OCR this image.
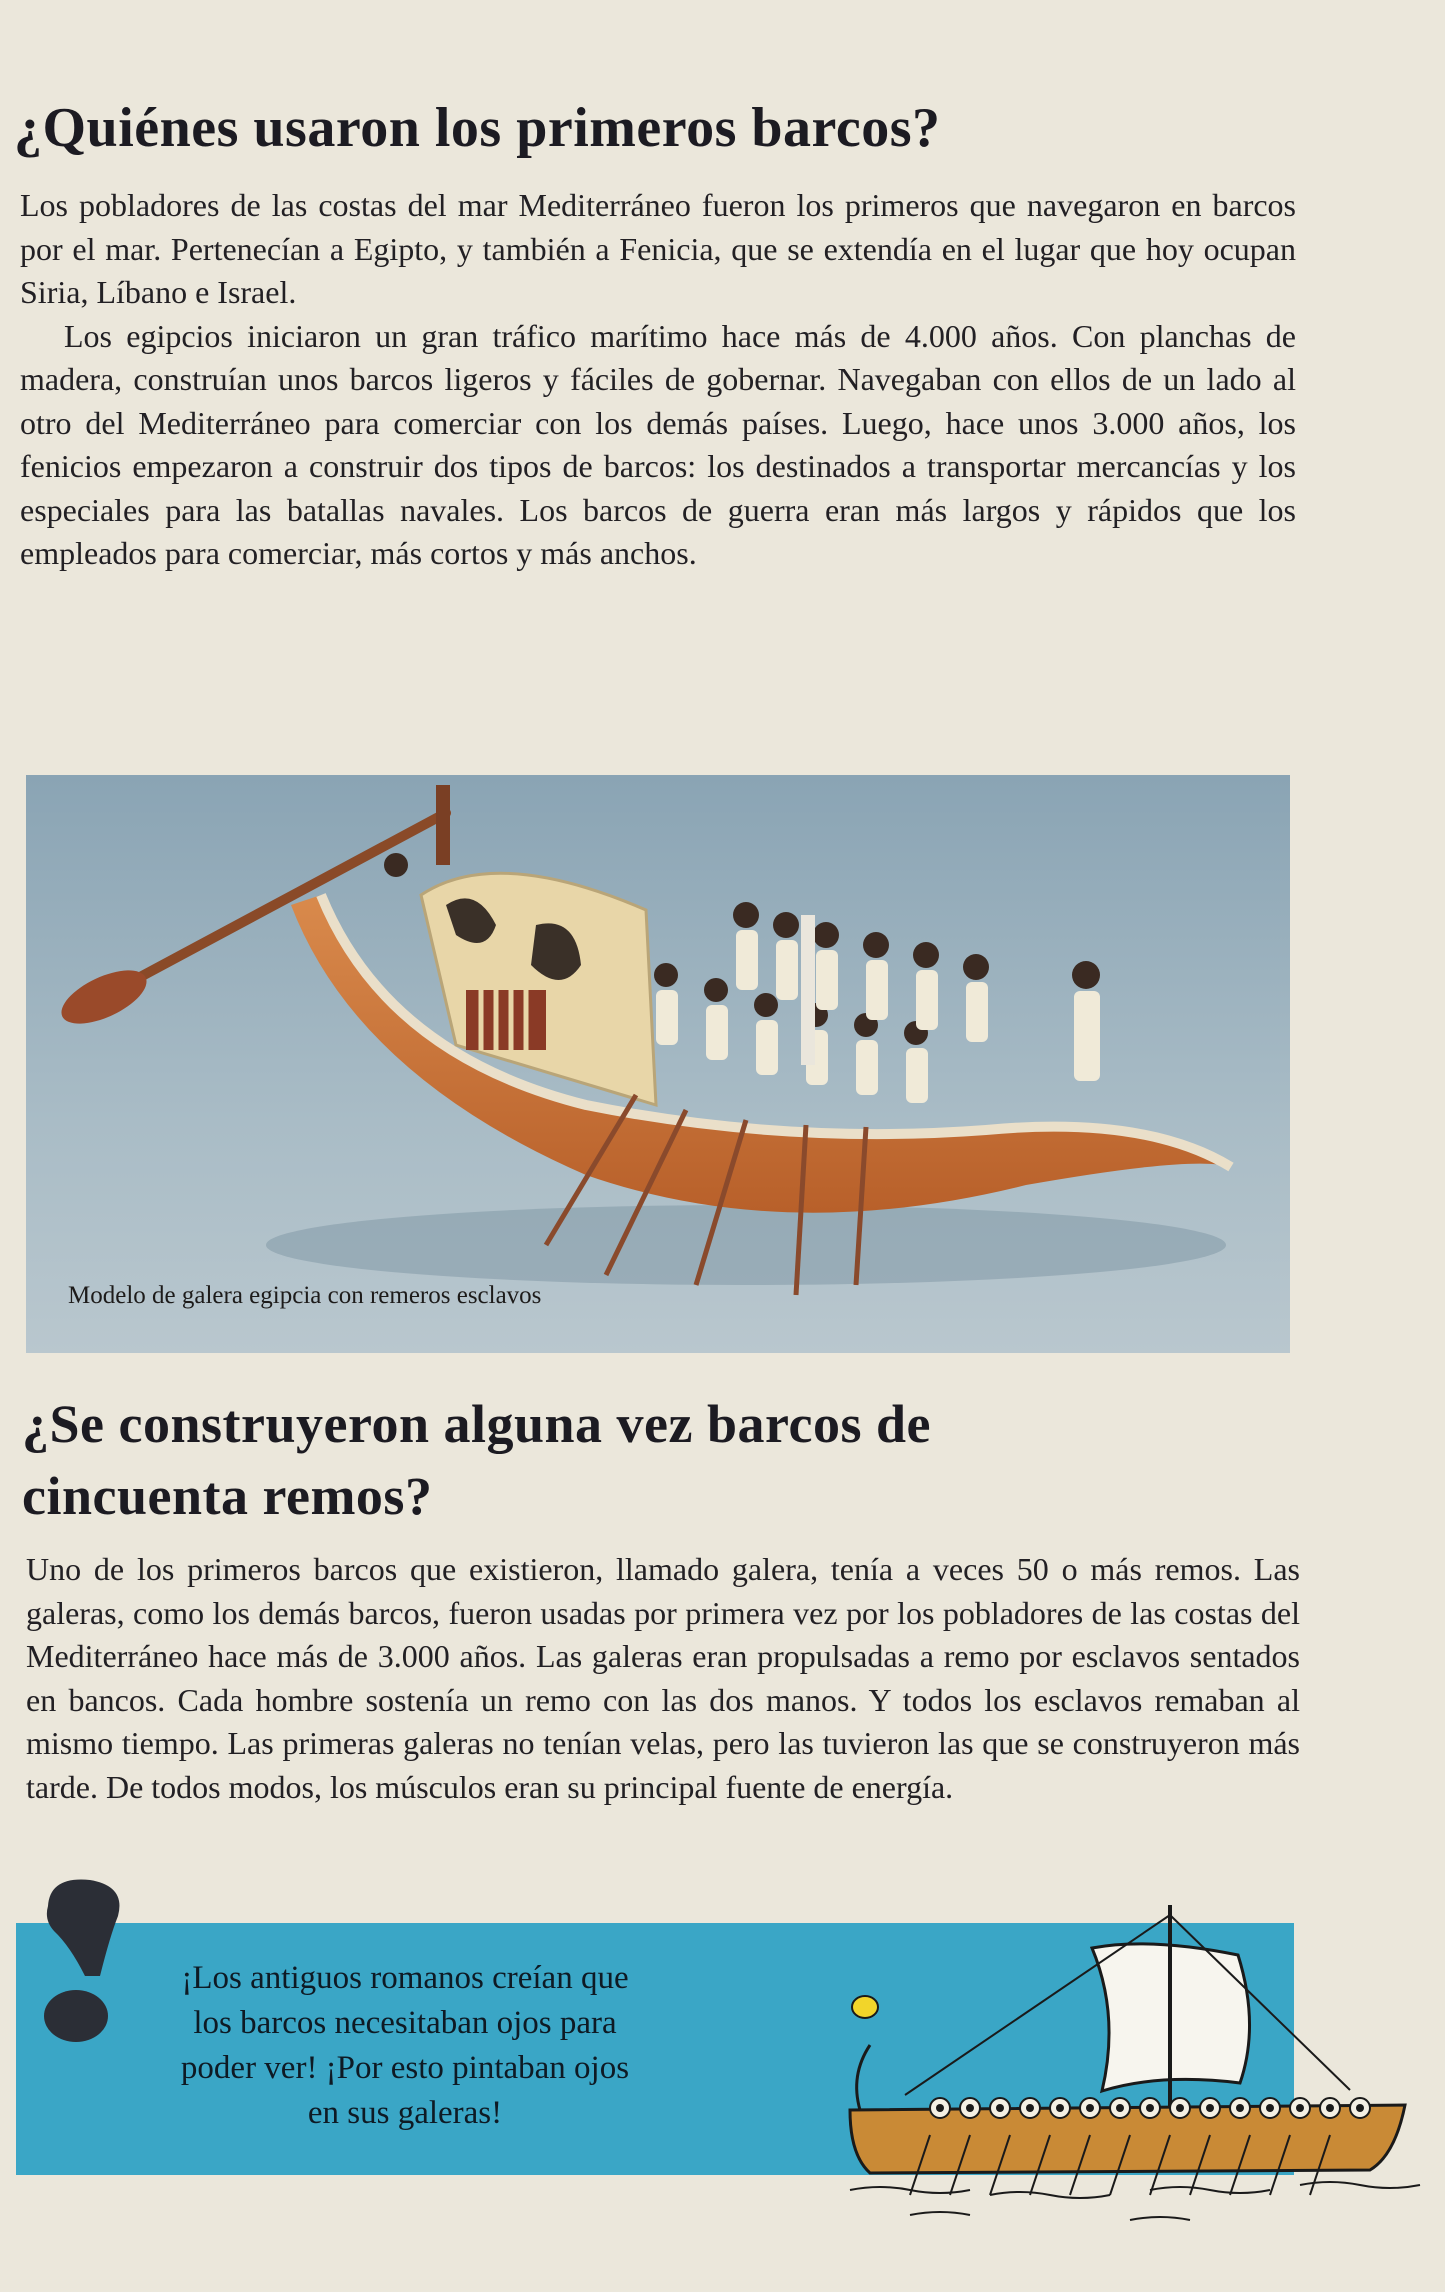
¿Quiénes usaron los primeros barcos?

Los pobladores de las costas del mar Mediterráneo fueron los primeros que navegaron en barcos por el mar. Pertenecían a Egipto, y también a Fenicia, que se extendía en el lugar que hoy ocupan Siria, Líbano e Israel.

Los egipcios iniciaron un gran tráfico marítimo hace más de 4.000 años. Con planchas de madera, construían unos barcos ligeros y fáciles de gobernar. Navegaban con ellos de un lado al otro del Mediterráneo para comerciar con los demás países. Luego, hace unos 3.000 años, los fenicios empezaron a construir dos tipos de barcos: los destinados a transportar mercancías y los especiales para las batallas navales. Los barcos de guerra eran más largos y rápidos que los empleados para comerciar, más cortos y más anchos.

Modelo de galera egipcia con remeros esclavos
¿Se construyeron alguna vez barcos de cincuenta remos?

Uno de los primeros barcos que existieron, llamado galera, tenía a veces 50 o más remos. Las galeras, como los demás barcos, fueron usadas por primera vez por los pobladores de las costas del Mediterráneo hace más de 3.000 años. Las galeras eran propulsadas a remo por esclavos sentados en bancos. Cada hombre sostenía un remo con las dos manos. Y todos los esclavos remaban al mismo tiempo. Las primeras galeras no tenían velas, pero las tuvieron las que se construyeron más tarde. De todos modos, los músculos eran su principal fuente de energía.

¡Los antiguos romanos creían que los barcos necesitaban ojos para poder ver! ¡Por esto pintaban ojos en sus galeras!
